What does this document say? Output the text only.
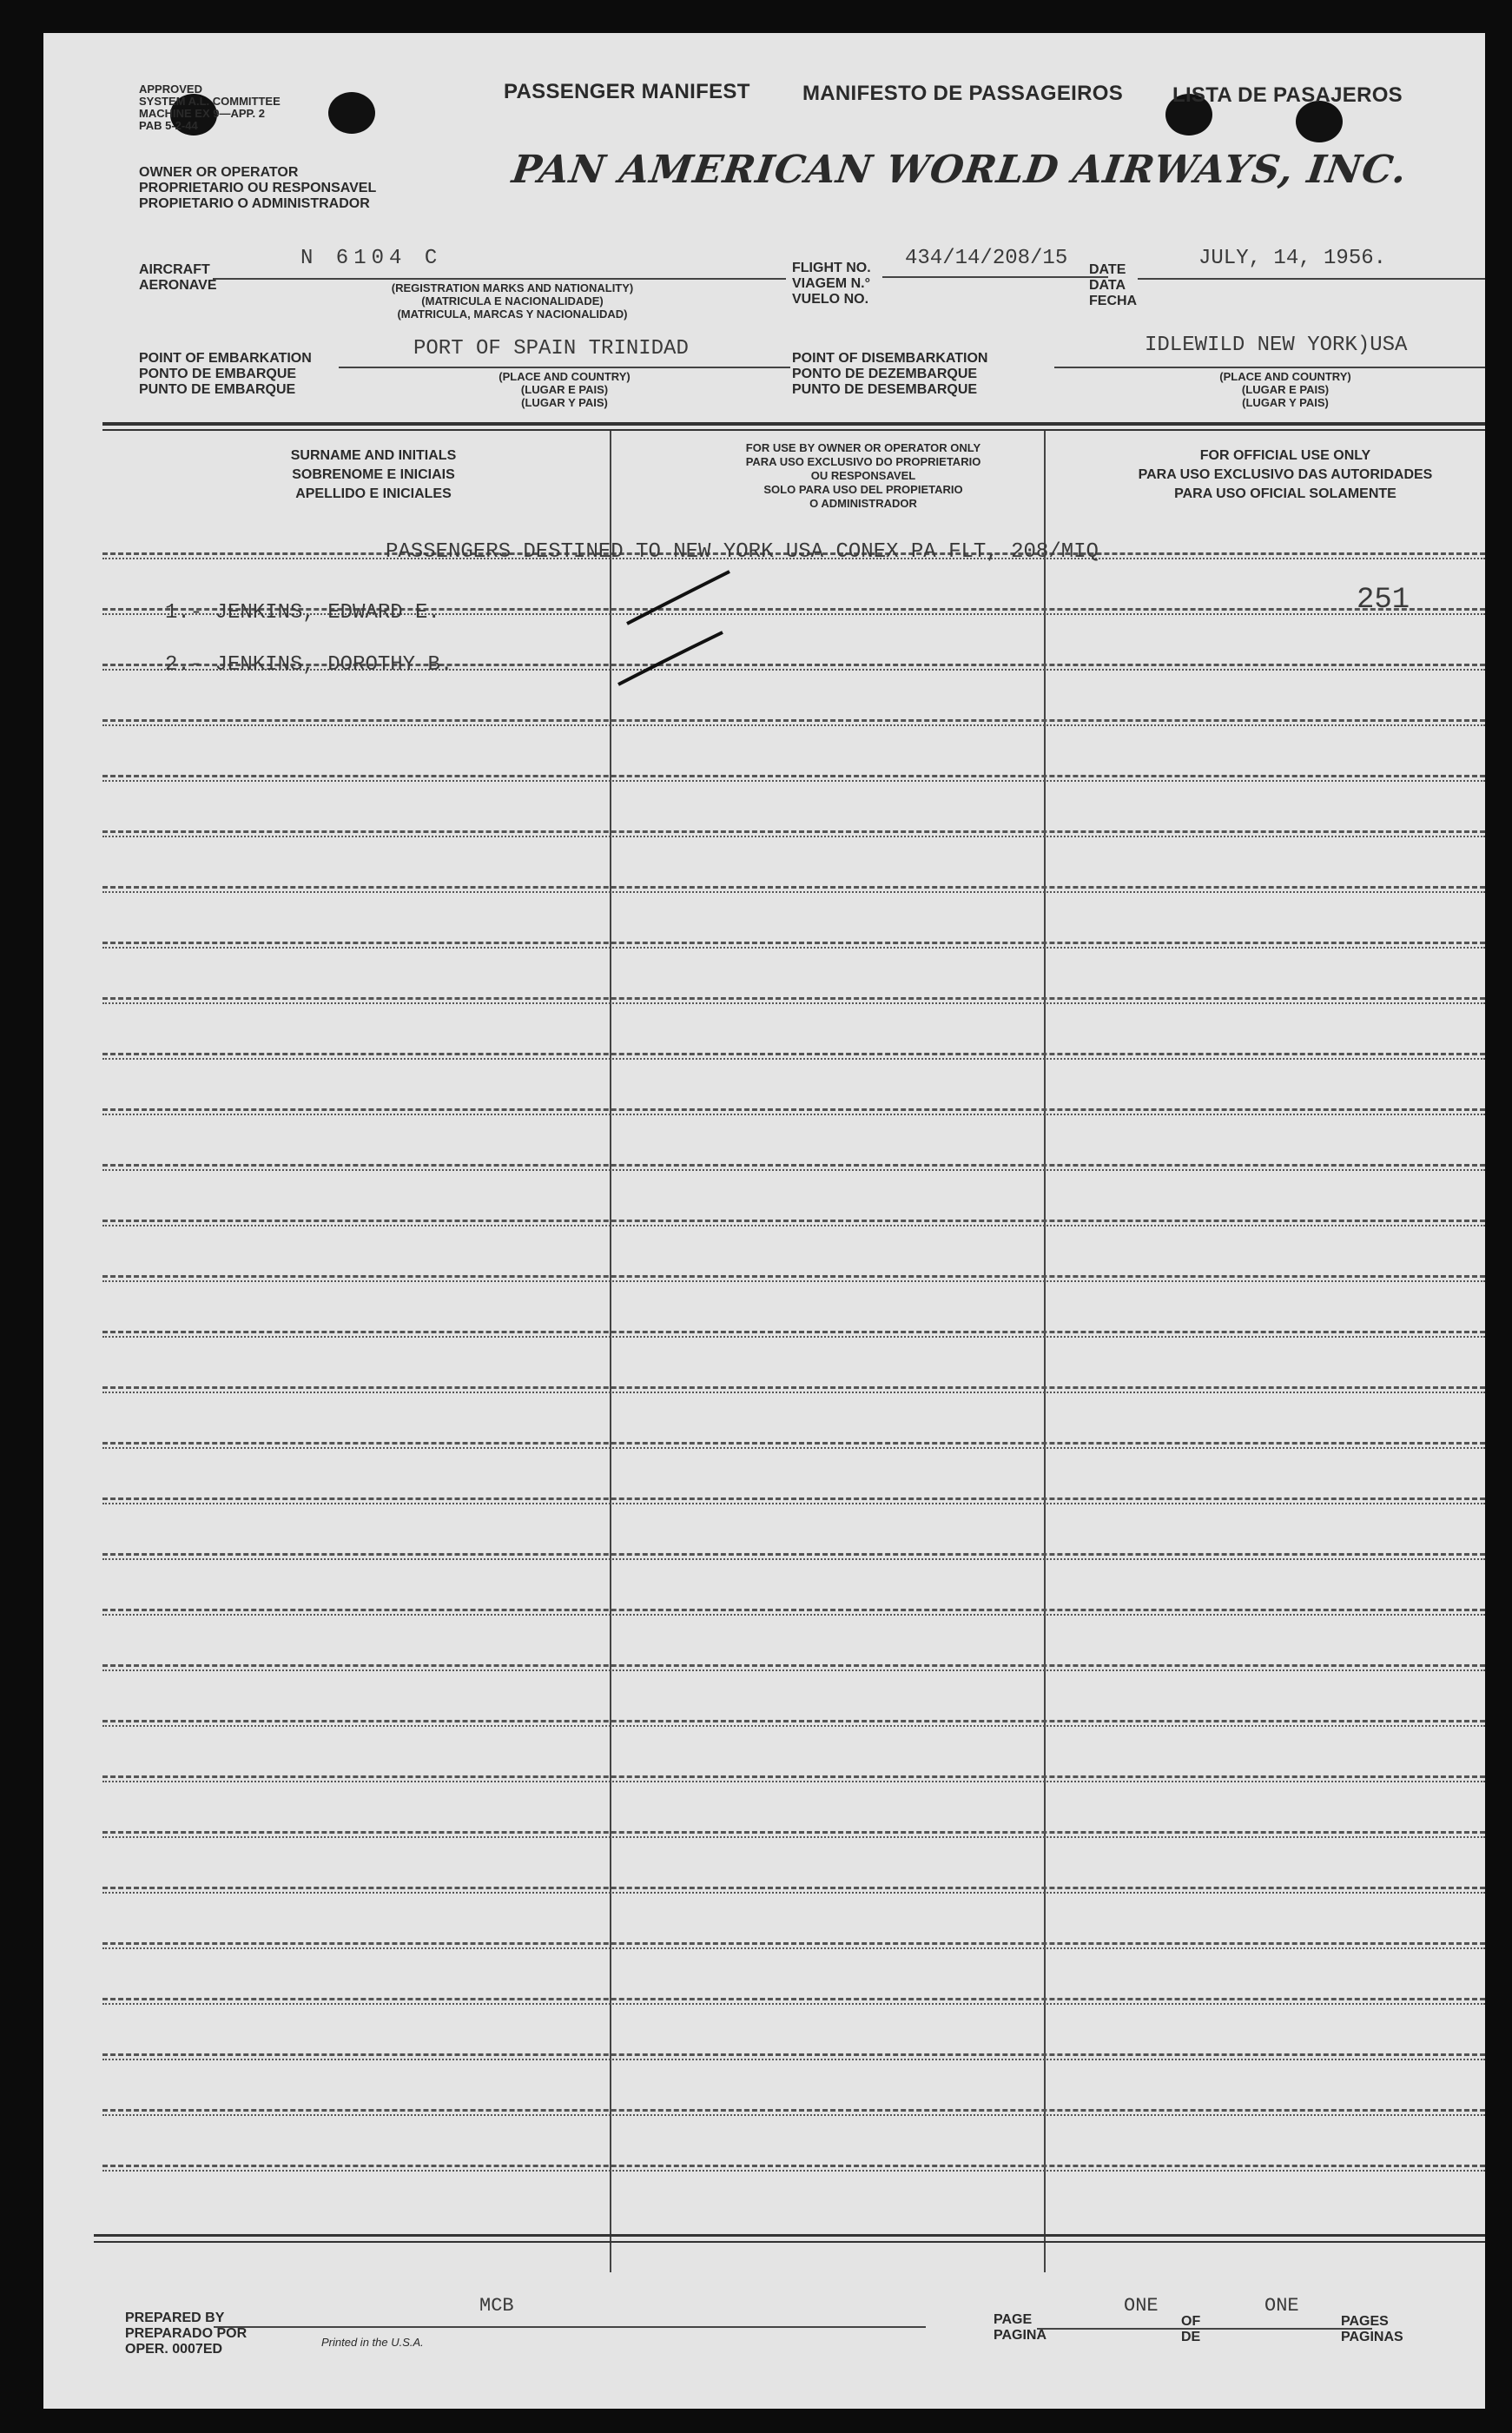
APPROVED
SYSTEM A.L. COMMITTEE
MACHINE EX 9—APP. 2
PAB 5-2-44
PASSENGER MANIFEST	MANIFESTO DE PASSAGEIROS LISTA DE PASAJEROS
OWNER OR OPERATOR
PROPRIETARIO OU RESPONSAVEL
PROPIETARIO O ADMINISTRADOR
PAN AMERICAN WORLD AIRWAYS, INC.
AIRCRAFT
AERONAVE
N 6104 C
(REGISTRATION MARKS AND NATIONALITY)
(MATRICULA E NACIONALIDADE)
(MATRICULA, MARCAS Y NACIONALIDAD)
FLIGHT NO.
VIAGEM N.°
VUELO NO.
434/14/208/15 DATE
DATA
FECHA
JULY, 14, 1956.
POINT OF EMBARKATION
PONTO DE EMBARQUE
PUNTO DE EMBARQUE
PORT OF SPAIN TRINIDAD
(PLACE AND COUNTRY)
(LUGAR E PAIS)
(LUGAR Y PAIS)
POINT OF DISEMBARKATION
PONTO DE DEZEMBARQUE
PUNTO DE DESEMBARQUE
IDLEWILD NEW YORK)USA
(PLACE AND COUNTRY)
(LUGAR E PAIS)
(LUGAR Y PAIS)
SURNAME AND INITIALS
SOBRENOME E INICIAIS
APELLIDO E INICIALES
FOR USE BY OWNER OR OPERATOR ONLY
PARA USO EXCLUSIVO DO PROPRIETARIO
OU RESPONSAVEL
SOLO PARA USO DEL PROPIETARIO
O ADMINISTRADOR
FOR OFFICIAL USE ONLY
PARA USO EXCLUSIVO DAS AUTORIDADES
PARA USO OFICIAL SOLAMENTE
PASSENGERS DESTINED TO NEW YORK USA CONEX PA FLT, 208/MIQ
1.- JENKINS, EDWARD E.
2.- JENKINS, DOROTHY B.
251
PREPARED BY
PREPARADO POR
OPER. 0007ED
MCB
Printed in the U.S.A.
PAGE
PAGINA
ONE
OF
DE
ONE
PAGES
PAGINAS
